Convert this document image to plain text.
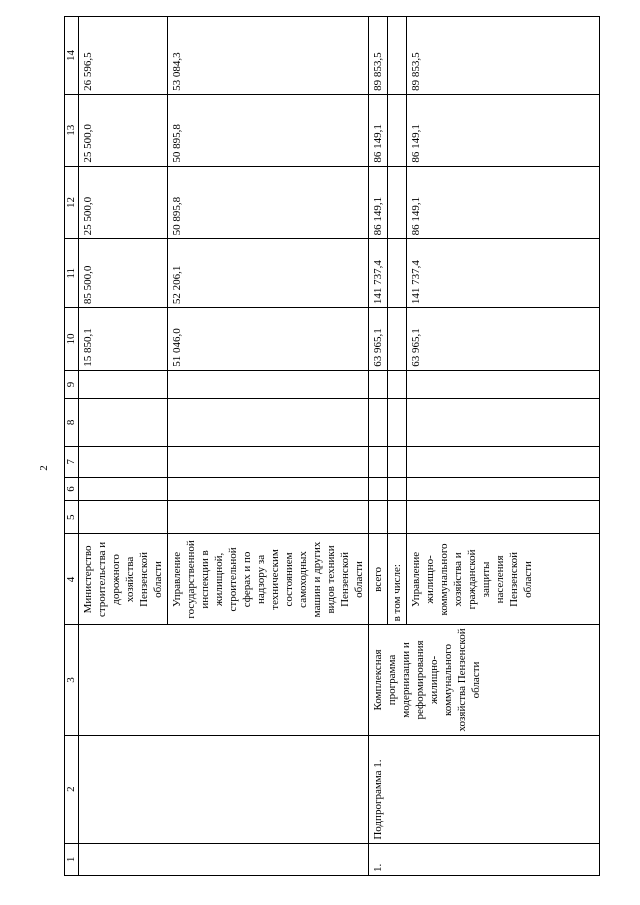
2
1	2	3	4	5	6	7	8	9	10	11	12	13	14
			Министерство строительства и дорожного хозяйства Пензенской области						15 850,1	85 500,0	25 500,0	25 500,0	26 596,5
			Управление государственной инспекции в жилищной, строительной сферах и по надзору за техническим состоянием самоходных машин и других видов техники Пензенской области						51 046,0	52 206,1	50 895,8	50 895,8	53 084,3
1.	Подпрограмма 1.	Комплексная программа модернизации и реформирования жилищно-коммунального хозяйства Пензенской области	всего						63 965,1	141 737,4	86 149,1	86 149,1	89 853,5
			в том числе:										
			Управление жилищно-коммунального хозяйства и гражданской защиты населения Пензенской области						63 965,1	141 737,4	86 149,1	86 149,1	89 853,5
